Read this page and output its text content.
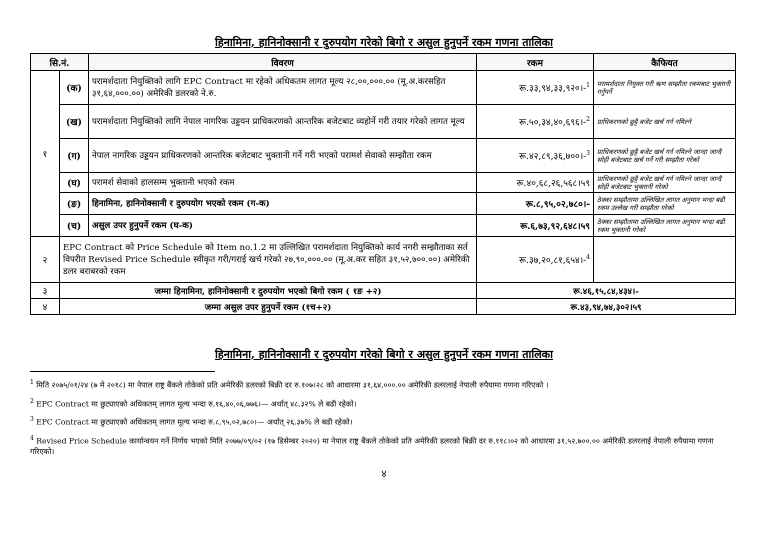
हिनामिना, हानिनोक्सानी र दुरुपयोग गरेको बिगो र असुल हुनुपर्ने रकम गणना तालिका
सि.नं.		विवरण	रकम	कैफियत
१	(क)	परामर्शदाता नियुक्तिको लागि EPC Contract मा रहेको अधिकतम लागत मूल्य २८,००,०००.०० (मू.अ.करसहित ३१,६४,०००.००) अमेरिकी डलरको ने.रु.	रू.३३,९४,३३,९२०।-$^1$	परामर्शदाता नियुक्त गरी ऋण सम्झौता रकमबाट भुक्तानी गर्नुपर्ने
	(ख)	परामर्शदाता नियुक्तिको लागि नेपाल नागरिक उड्डयन प्राधिकरणको आन्तरिक बजेटबाट व्यहोर्ने गरी तयार गरेको लागत मूल्य	रू.५०,३४,४०,६९६।-$^2$	प्राधिकरणको छुट्टै बजेट खर्च गर्न नमिल्ने
	(ग)	नेपाल नागरिक उड्डयन प्राधिकरणको आन्तरिक बजेटबाट भुक्तानी गर्ने गरी भएको परामर्श सेवाको सम्झौता रकम	रू.४२,८९,३६,७००।-$^3$	प्राधिकरणको छुट्टै बजेट खर्च गर्न नमिल्ने जान्दा जान्दै सोही बजेटबाट खर्च गर्ने गरी सम्झौता गरेको
	(घ)	परामर्श सेवाको हालसम्म भुक्तानी भएको रकम	रू.४०,६८,२६,५६८।५९	प्राधिकरणको छुट्टै बजेट खर्च गर्न नमिल्ने जान्दा जान्दै सोही बजेटबाट भुक्तानी गरेको
	(ङ)	हिनामिना, हानिनोक्सानी र दुरुपयोग भएको रकम (ग-क)	रू.८,९५,०२,७८०।-	ठेक्का सम्झौतामा उल्लिखित लागत अनुमान भन्दा बढी रकम उल्लेख गरी सम्झौता गरेको
	(च)	असुल उपर हुनुपर्ने रकम (घ-क)	रू.६,७३,९२,६४८।५९	ठेक्का सम्झौतामा उल्लिखित लागत अनुमान भन्दा बढी रकम भुक्तानी गरेको
२	EPC Contract को Price Schedule को Item no.1.2 मा उल्लिखित परामर्शदाता नियुक्तिको कार्य नगरी सम्झौताका सर्त विपरीत Revised Price Schedule स्वीकृत गरी/गराई खर्च गरेको २७,९०,०००.०० (मू.अ.कर सहित ३१,५२,७००.००) अमेरिकी डलर बराबरको रकम		रू.३७,२०,८१,६५४।-$^4$	
३	जम्मा हिनामिना, हानिनोक्सानी र दुरुपयोग भएको बिगो रकम ( १ङ +२)		रू.४६,१५,८४,४३४।-	
४	जम्मा असुल उपर हुनुपर्ने रकम (१च+२)		रू.४३,९४,७४,३०२।५९	
हिनामिना, हानिनोक्सानी र दुरुपयोग गरेको बिगो र असुल हुनुपर्ने रकम गणना तालिका
$^1$ मिति २०७५/०१/२४ (७ मे २०१८) मा नेपाल राष्ट्र बैंकले तोकेको प्रति अमेरिकी डलरको बिक्री दर रु.१०७।२८ को आधारमा ३१,६४,०००.०० अमेरिकी डलरलाई नेपाली रुपैयामा गणना गरिएको ।
$^2$ EPC Contract मा छुट्याएको अधिकतम् लागत मूल्य भन्दा रु.१६,४०,०६,७७६।— अर्थात् ४८.३२% ले बढी रहेको।
$^3$ EPC Contract मा छुट्याएको अधिकतम् लागत मूल्य भन्दा रु.८,९५,०२,७८०।— अर्थात् २६.३७% ले बढी रहेको।
$^4$ Revised Price Schedule कार्यान्वयन गर्ने निर्णय भएको मिति २०७७/०९/०२ (१७ डिसेम्बर २०२०) मा नेपाल राष्ट्र बैंकले तोकेको प्रति अमेरिकी डलरको बिक्री दर रु.११८।०२ को आधारमा ३१,५२,७००.०० अमेरिकी डलरलाई नेपाली रुपैयामा गणना गरिएको।
४
